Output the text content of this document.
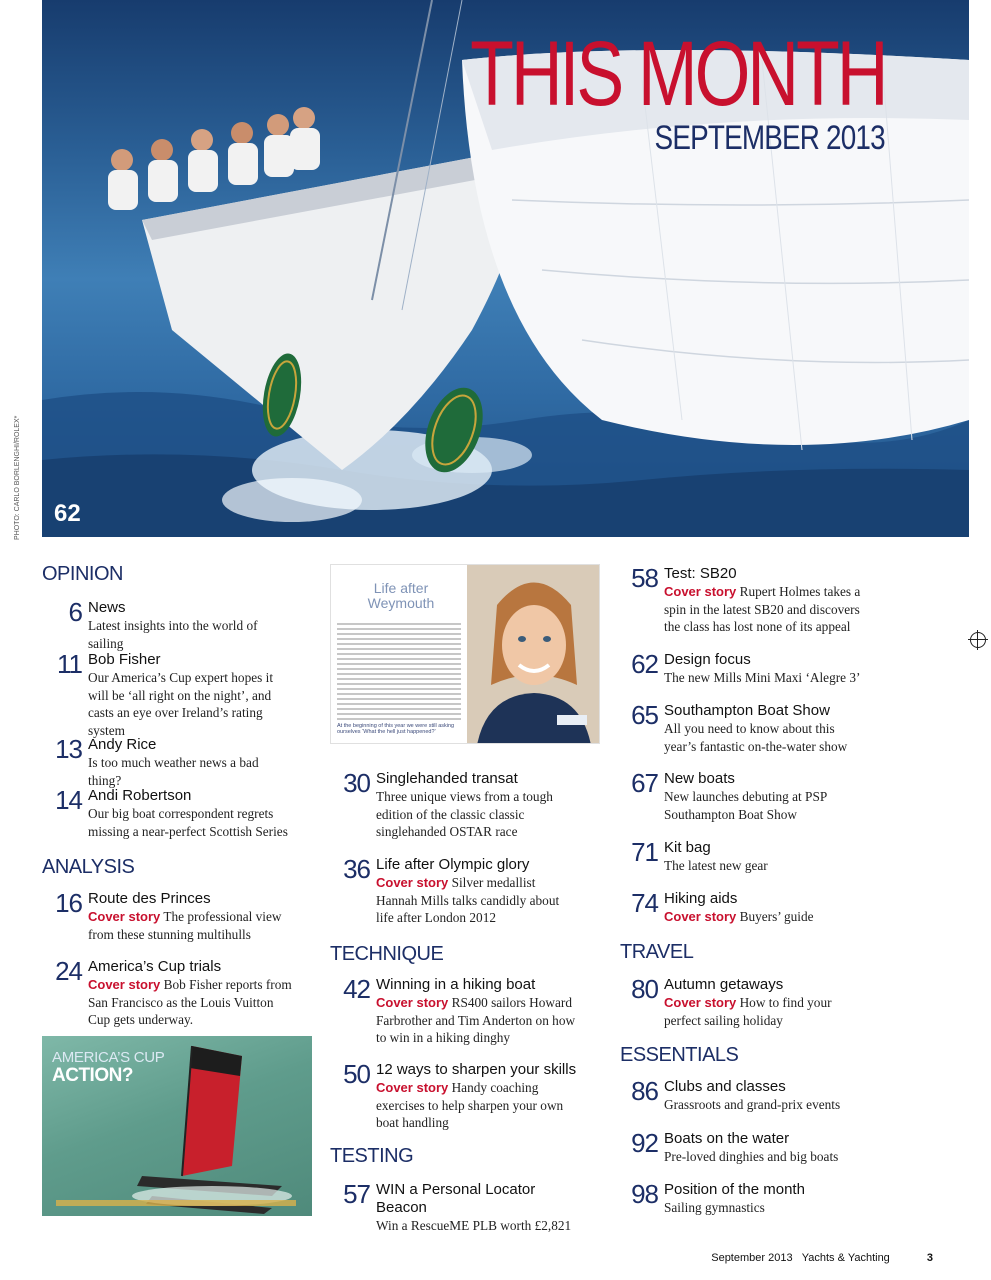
THIS MONTH
SEPTEMBER 2013
62
PHOTO: CARLO BORLENGHI/ROLEX*
OPINION
ANALYSIS
TECHNIQUE
TESTING
TRAVEL
ESSENTIALS
6 News
Latest insights into the world of sailing
11 Bob Fisher
Our America’s Cup expert hopes it will be ‘all right on the night’, and casts an eye over Ireland’s rating system
13 Andy Rice
Is too much weather news a bad thing?
14 Andi Robertson
Our big boat correspondent regrets missing a near-perfect Scottish Series
16 Route des Princes
Cover story The professional view from these stunning multihulls
24 America’s Cup trials
Cover story Bob Fisher reports from San Francisco as the Louis Vuitton Cup gets underway.
30 Singlehanded transat
Three unique views from a tough edition of the classic classic singlehanded OSTAR race
36 Life after Olympic glory
Cover story Silver medallist Hannah Mills talks candidly about life after London 2012
42 Winning in a hiking boat
Cover story RS400 sailors Howard Farbrother and Tim Anderton on how to win in a hiking dinghy
50 12 ways to sharpen your skills
Cover story Handy coaching exercises to help sharpen your own boat handling
57 WIN a Personal Locator Beacon
Win a RescueME PLB worth £2,821
58 Test: SB20
Cover story Rupert Holmes takes a spin in the latest SB20 and discovers the class has lost none of its appeal
62 Design focus
The new Mills Mini Maxi ‘Alegre 3’
65 Southampton Boat Show
All you need to know about this year’s fantastic on-the-water show
67 New boats
New launches debuting at PSP Southampton Boat Show
71 Kit bag
The latest new gear
74 Hiking aids
Cover story Buyers’ guide
80 Autumn getaways
Cover story How to find your perfect sailing holiday
86 Clubs and classes
Grassroots and grand-prix events
92 Boats on the water
Pre-loved dinghies and big boats
98 Position of the month
Sailing gymnastics
Life after Weymouth
At the beginning of this year we were still asking ourselves ‘What the hell just happened?’
AMERICA’S CUP
ACTION?
September 2013 Yachts & Yachting	3
